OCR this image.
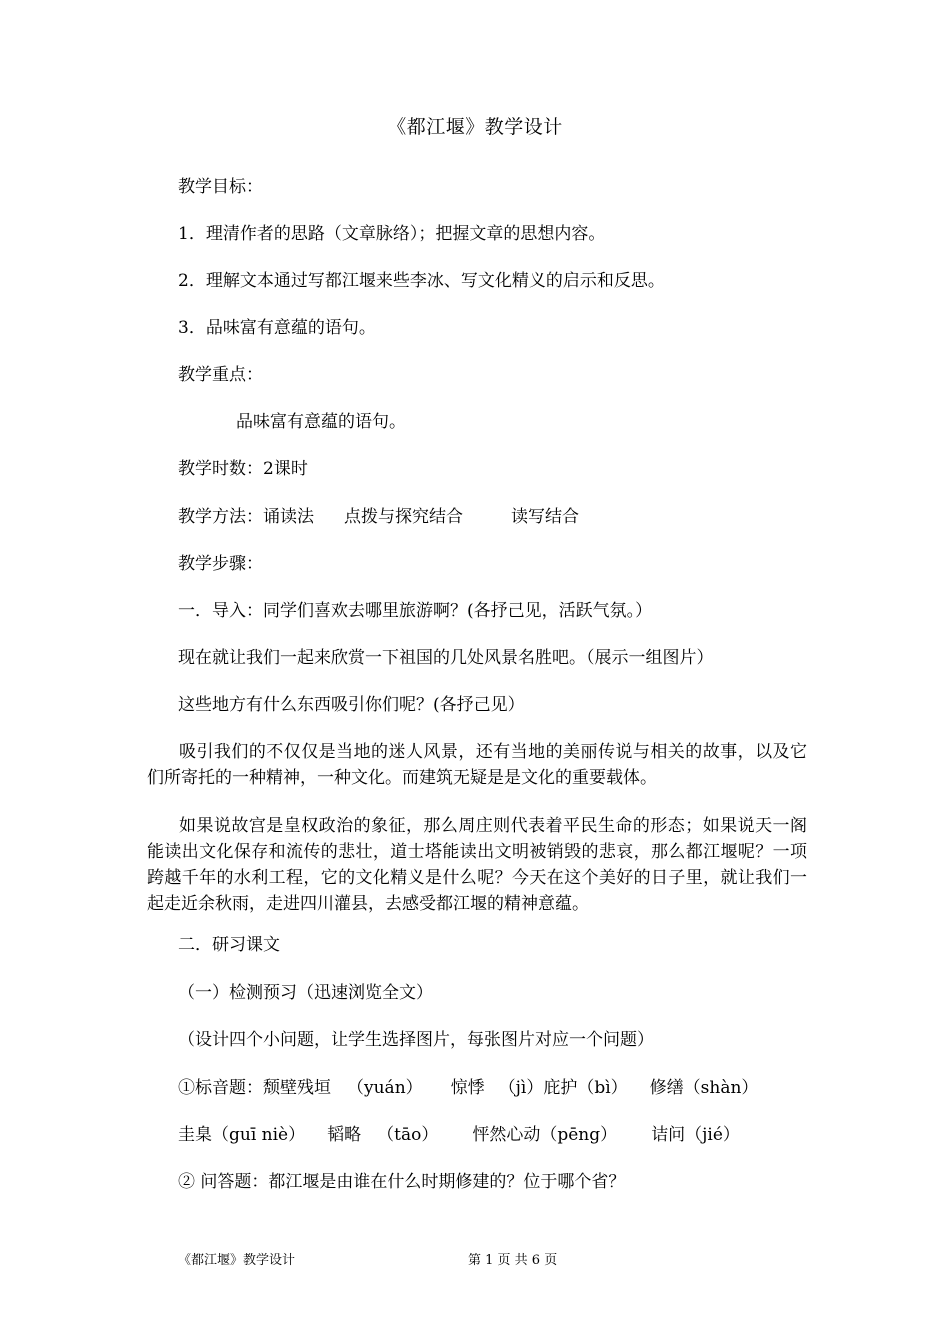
《都江堰》教学设计
教学目标：
1．理清作者的思路（文章脉络）；把握文章的思想内容。
2．理解文本通过写都江堰来些李冰、写文化精义的启示和反思。
3．品味富有意蕴的语句。
教学重点：
品味富有意蕴的语句。
教学时数：2课时
教学方法：诵读法 点拨与探究结合	读写结合
教学步骤：
一．导入：同学们喜欢去哪里旅游啊？(各抒己见，活跃气氛。）
现在就让我们一起来欣赏一下祖国的几处风景名胜吧。（展示一组图片）
这些地方有什么东西吸引你们呢？(各抒己见）
吸引我们的不仅仅是当地的迷人风景，还有当地的美丽传说与相关的故事，以及它们所寄托的一种精神，一种文化。而建筑无疑是是文化的重要载体。
如果说故宫是皇权政治的象征，那么周庄则代表着平民生命的形态；如果说天一阁能读出文化保存和流传的悲壮，道士塔能读出文明被销毁的悲哀，那么都江堰呢？一项跨越千年的水利工程，它的文化精义是什么呢？今天在这个美好的日子里，就让我们一起走近余秋雨，走进四川灌县，去感受都江堰的精神意蕴。
二．研习课文
（一）检测预习（迅速浏览全文）
（设计四个小问题，让学生选择图片，每张图片对应一个问题）
①标音题：颓壁残垣 （yuán） 惊悸 （jì）庇护（bì） 修缮（shàn）
圭臬（guī niè） 韬略 （tāo） 怦然心动（pēng） 诘问（jié）
② 问答题：都江堰是由谁在什么时期修建的？位于哪个省？
《都江堰》教学设计	第 1 页 共 6 页
